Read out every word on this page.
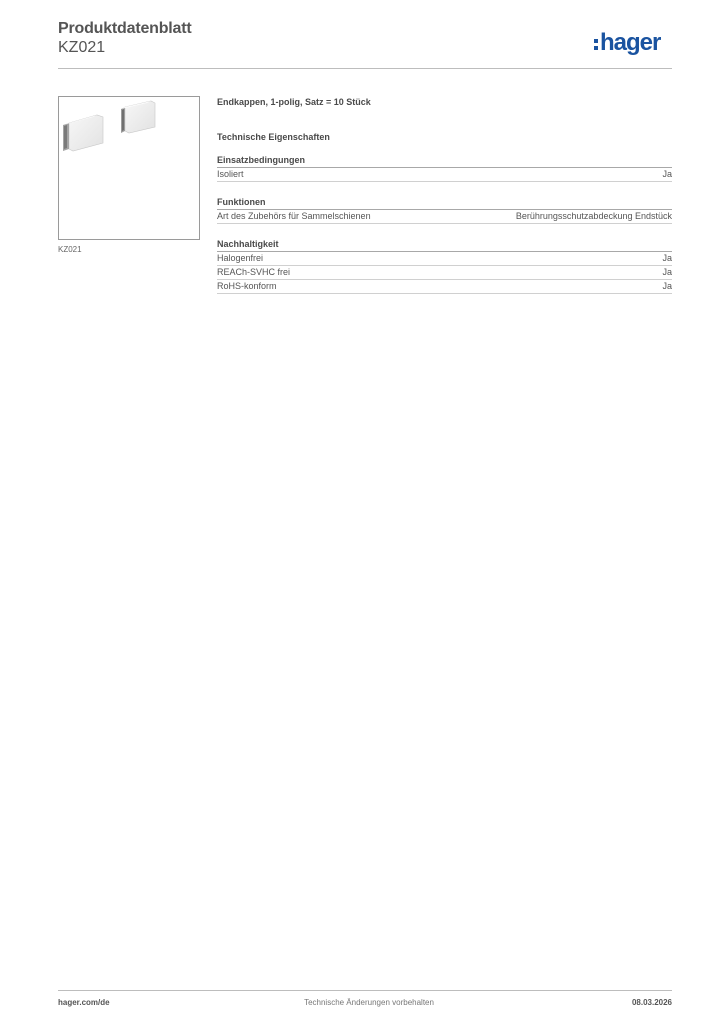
Produktdatenblatt
KZ021	hager
KZ021
Endkappen, 1-polig, Satz = 10 Stück
Technische Eigenschaften
Einsatzbedingungen
Isoliert	Ja
Funktionen
Art des Zubehörs für Sammelschienen	Berührungsschutzabdeckung Endstück
Nachhaltigkeit
Halogenfrei	Ja
REACh-SVHC frei	Ja
RoHS-konform	Ja
hager.com/de	Technische Änderungen vorbehalten	08.03.2026
